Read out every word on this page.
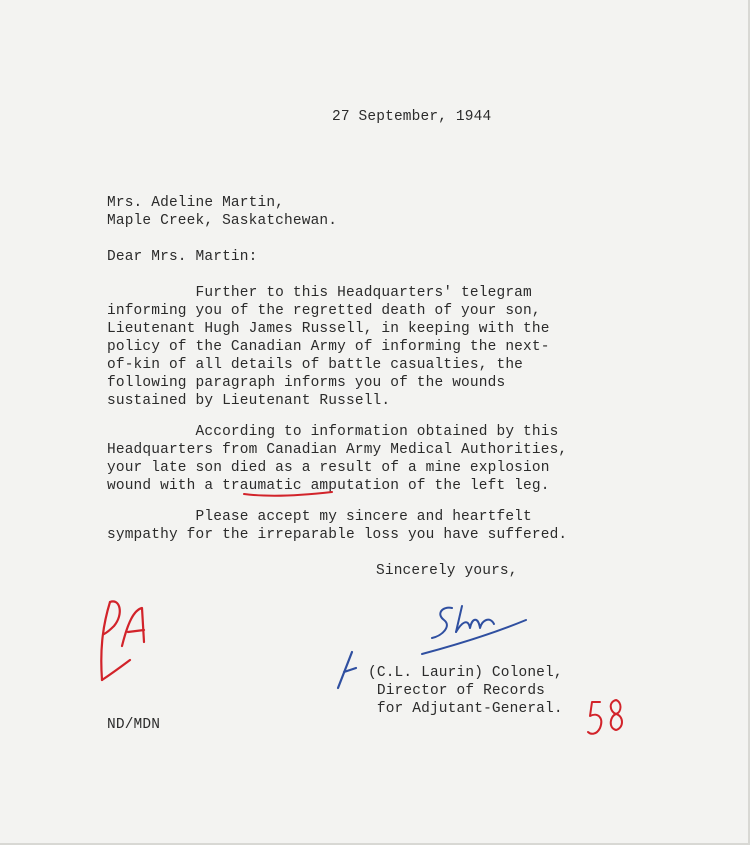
27 September, 1944
Mrs. Adeline Martin,
Maple Creek, Saskatchewan.
Dear Mrs. Martin:
Further to this Headquarters' telegram
informing you of the regretted death of your son,
Lieutenant Hugh James Russell, in keeping with the
policy of the Canadian Army of informing the next-
of-kin of all details of battle casualties, the
following paragraph informs you of the wounds
sustained by Lieutenant Russell.
According to information obtained by this
Headquarters from Canadian Army Medical Authorities,
your late son died as a result of a mine explosion
wound with a traumatic amputation of the left leg.
Please accept my sincere and heartfelt
sympathy for the irreparable loss you have suffered.
Sincerely yours,
(C.L. Laurin) Colonel,
Director of Records
for Adjutant-General.
ND/MDN
